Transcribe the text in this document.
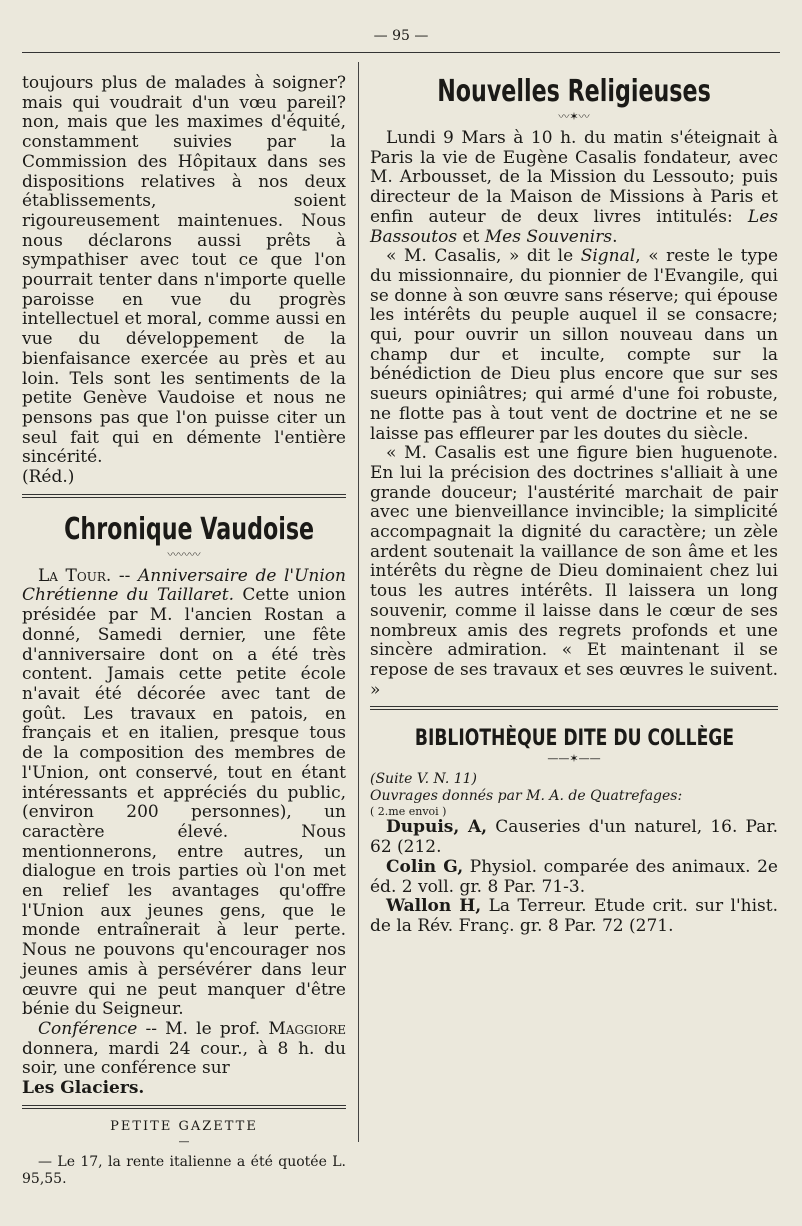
— 95 —

toujours plus de malades à soigner? mais qui voudrait d'un vœu pareil? non, mais que les maximes d'équité, constamment suivies par la Commission des Hôpitaux dans ses dispositions relatives à nos deux établissements, soient rigoureusement maintenues. Nous nous déclarons aussi prêts à sympathiser avec tout ce que l'on pourrait tenter dans n'importe quelle paroisse en vue du progrès intellectuel et moral, comme aussi en vue du développement de la bienfaisance exercée au près et au loin. Tels sont les sentiments de la petite Genève Vaudoise et nous ne pensons pas que l'on puisse citer un seul fait qui en démente l'entière sincérité.

(Réd.)

Chronique Vaudoise
〰〰〰

La Tour. -- Anniversaire de l'Union Chrétienne du Taillaret. Cette union présidée par M. l'ancien Rostan a donné, Samedi dernier, une fête d'anniversaire dont on a été très content. Jamais cette petite école n'avait été décorée avec tant de goût. Les travaux en patois, en français et en italien, presque tous de la composition des membres de l'Union, ont conservé, tout en étant intéressants et appréciés du public, (environ 200 personnes), un caractère élevé. Nous mentionnerons, entre autres, un dialogue en trois parties où l'on met en relief les avantages qu'offre l'Union aux jeunes gens, que le monde entraînerait à leur perte. Nous ne pouvons qu'encourager nos jeunes amis à persévérer dans leur œuvre qui ne peut manquer d'être bénie du Seigneur.

Conférence -- M. le prof. Maggiore donnera, mardi 24 cour., à 8 h. du soir, une conférence sur

Les Glaciers.

PETITE GAZETTE
—

— Le 17, la rente italienne a été quotée L. 95,55.

Nouvelles Religieuses
〰✶〰

Lundi 9 Mars à 10 h. du matin s'éteignait à Paris la vie de Eugène Casalis fondateur, avec M. Arbousset, de la Mission du Lessouto; puis directeur de la Maison de Missions à Paris et enfin auteur de deux livres intitulés: Les Bassoutos et Mes Souvenirs.

« M. Casalis, » dit le Signal, « reste le type du missionnaire, du pionnier de l'Evangile, qui se donne à son œuvre sans réserve; qui épouse les intérêts du peuple auquel il se consacre; qui, pour ouvrir un sillon nouveau dans un champ dur et inculte, compte sur la bénédiction de Dieu plus encore que sur ses sueurs opiniâtres; qui armé d'une foi robuste, ne flotte pas à tout vent de doctrine et ne se laisse pas effleurer par les doutes du siècle.

« M. Casalis est une figure bien huguenote. En lui la précision des doctrines s'alliait à une grande douceur; l'austérité marchait de pair avec une bienveillance invincible; la simplicité accompagnait la dignité du caractère; un zèle ardent soutenait la vaillance de son âme et les intérêts du règne de Dieu dominaient chez lui tous les autres intérêts. Il laissera un long souvenir, comme il laisse dans le cœur de ses nombreux amis des regrets profonds et une sincère admiration. « Et maintenant il se repose de ses travaux et ses œuvres le suivent. »

BIBLIOTHÈQUE DITE DU COLLÈGE
——✶——

(Suite V. N. 11)

Ouvrages donnés par M. A. de Quatrefages:

( 2.me envoi )

Dupuis, A, Causeries d'un naturel, 16. Par. 62 (212.

Colin G, Physiol. comparée des animaux. 2e éd. 2 voll. gr. 8 Par. 71-3.

Wallon H, La Terreur. Etude crit. sur l'hist. de la Rév. Franç. gr. 8 Par. 72 (271.
